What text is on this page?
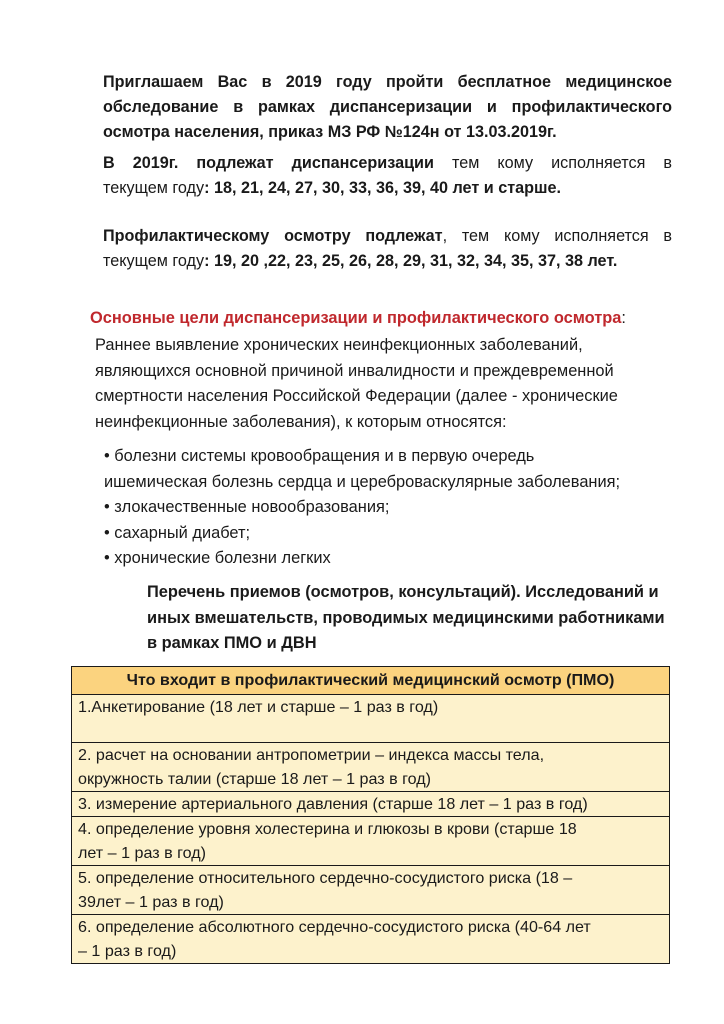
Приглашаем Вас в 2019 году пройти бесплатное медицинское
обследование в рамках диспансеризации и профилактического
осмотра населения, приказ МЗ РФ №124н от 13.03.2019г.
В 2019г. подлежат диспансеризации тем кому исполняется в
текущем году: 18, 21, 24, 27, 30, 33, 36, 39, 40 лет и старше.
Профилактическому осмотру подлежат, тем кому исполняется в
текущем году: 19, 20 ,22, 23, 25, 26, 28, 29, 31, 32, 34, 35, 37, 38 лет.
Основные цели диспансеризации и профилактического осмотра:
Раннее выявление хронических неинфекционных заболеваний,
являющихся основной причиной инвалидности и преждевременной
смертности населения Российской Федерации (далее - хронические
неинфекционные заболевания), к которым относятся:
• болезни системы кровообращения и в первую очередь
ишемическая болезнь сердца и цереброваскулярные заболевания;
• злокачественные новообразования;
• сахарный диабет;
• хронические болезни легких
Перечень приемов (осмотров, консультаций). Исследований и
иных вмешательств, проводимых медицинскими работниками
в рамках ПМО и ДВН
Что входит в профилактический медицинский осмотр (ПМО)

1.Анкетирование (18 лет и старше – 1 раз в год)

2. расчет на основании антропометрии – индекса массы тела,
окружность талии (старше 18 лет – 1 раз в год)

3. измерение артериального давления (старше 18 лет – 1 раз в год)

4. определение уровня холестерина и глюкозы в крови (старше 18
лет – 1 раз в год)

5. определение относительного сердечно-сосудистого риска (18 –
39лет – 1 раз в год)

6. определение абсолютного сердечно-сосудистого риска (40-64 лет
– 1 раз в год)
